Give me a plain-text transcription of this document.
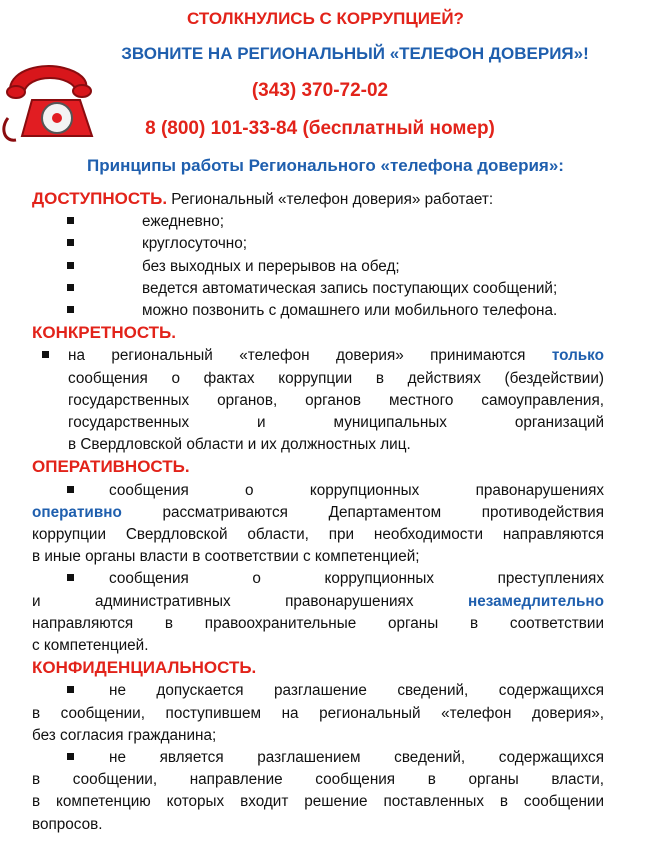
СТОЛКНУЛИСЬ С КОРРУПЦИЕЙ?
ЗВОНИТЕ НА РЕГИОНАЛЬНЫЙ «ТЕЛЕФОН ДОВЕРИЯ»!
(343) 370-72-02
8 (800) 101-33-84 (бесплатный номер)
Принципы работы Регионального «телефона доверия»:
ДОСТУПНОСТЬ. Региональный «телефон доверия» работает:
ежедневно;
круглосуточно;
без выходных и перерывов на обед;
ведется автоматическая запись поступающих сообщений;
можно позвонить с домашнего или мобильного телефона.
КОНКРЕТНОСТЬ.

на региональный «телефон доверия» принимаются только

сообщения о фактах коррупции в действиях (бездействии)

государственных органов, органов местного самоуправления,

государственных и муниципальных организаций

в Свердловской области и их должностных лиц.

ОПЕРАТИВНОСТЬ.

сообщения о коррупционных правонарушениях

оперативно рассматриваются Департаментом противодействия

коррупции Свердловской области, при необходимости направляются

в иные органы власти в соответствии с компетенцией;

сообщения о коррупционных преступлениях

и административных правонарушениях незамедлительно

направляются в правоохранительные органы в соответствии

с компетенцией.

КОНФИДЕНЦИАЛЬНОСТЬ.

не допускается разглашение сведений, содержащихся

в сообщении, поступившем на региональный «телефон доверия»,

без согласия гражданина;

не является разглашением сведений, содержащихся

в сообщении, направление сообщения в органы власти,

в компетенцию которых входит решение поставленных в сообщении

вопросов.
